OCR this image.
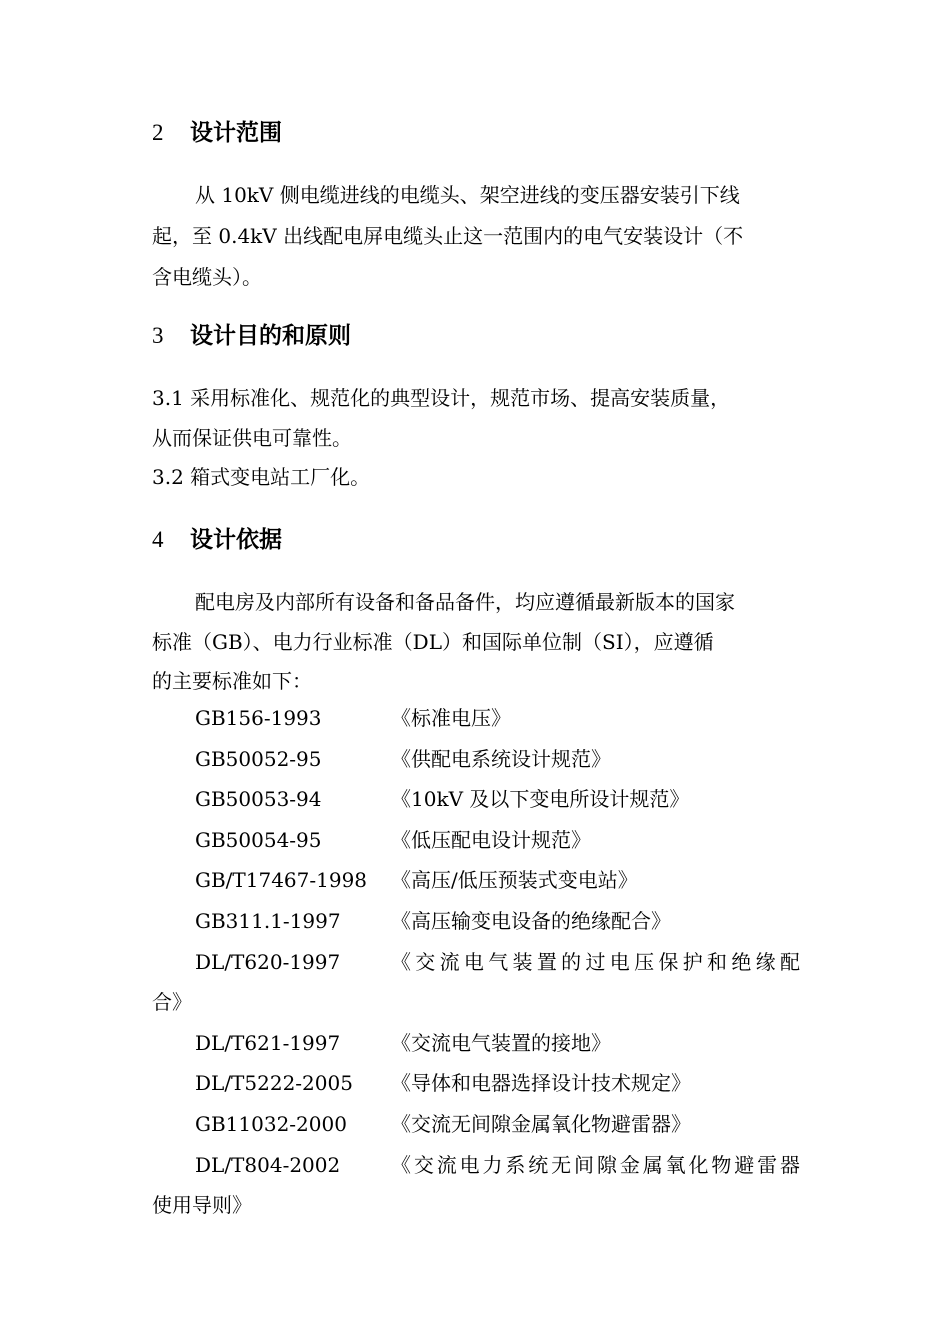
2 设计范围
从 10kV 侧电缆进线的电缆头、架空进线的变压器安装引下线
起，至 0.4kV 出线配电屏电缆头止这一范围内的电气安装设计（不
含电缆头）。
3 设计目的和原则
3.1 采用标准化、规范化的典型设计，规范市场、提高安装质量，
从而保证供电可靠性。
3.2 箱式变电站工厂化。
4 设计依据
配电房及内部所有设备和备品备件，均应遵循最新版本的国家
标准（GB）、电力行业标准（DL）和国际单位制（SI），应遵循
的主要标准如下：
GB156-1993	《标准电压》
GB50052-95	《供配电系统设计规范》
GB50053-94	《10kV 及以下变电所设计规范》
GB50054-95	《低压配电设计规范》
GB/T17467-1998 《高压/低压预装式变电站》
GB311.1-1997	《高压输变电设备的绝缘配合》
DL/T620-1997	《交流电气装置的过电压保护和绝缘配
合》
DL/T621-1997	《交流电气装置的接地》
DL/T5222-2005 《导体和电器选择设计技术规定》
GB11032-2000 《交流无间隙金属氧化物避雷器》
DL/T804-2002	《交流电力系统无间隙金属氧化物避雷器
使用导则》
